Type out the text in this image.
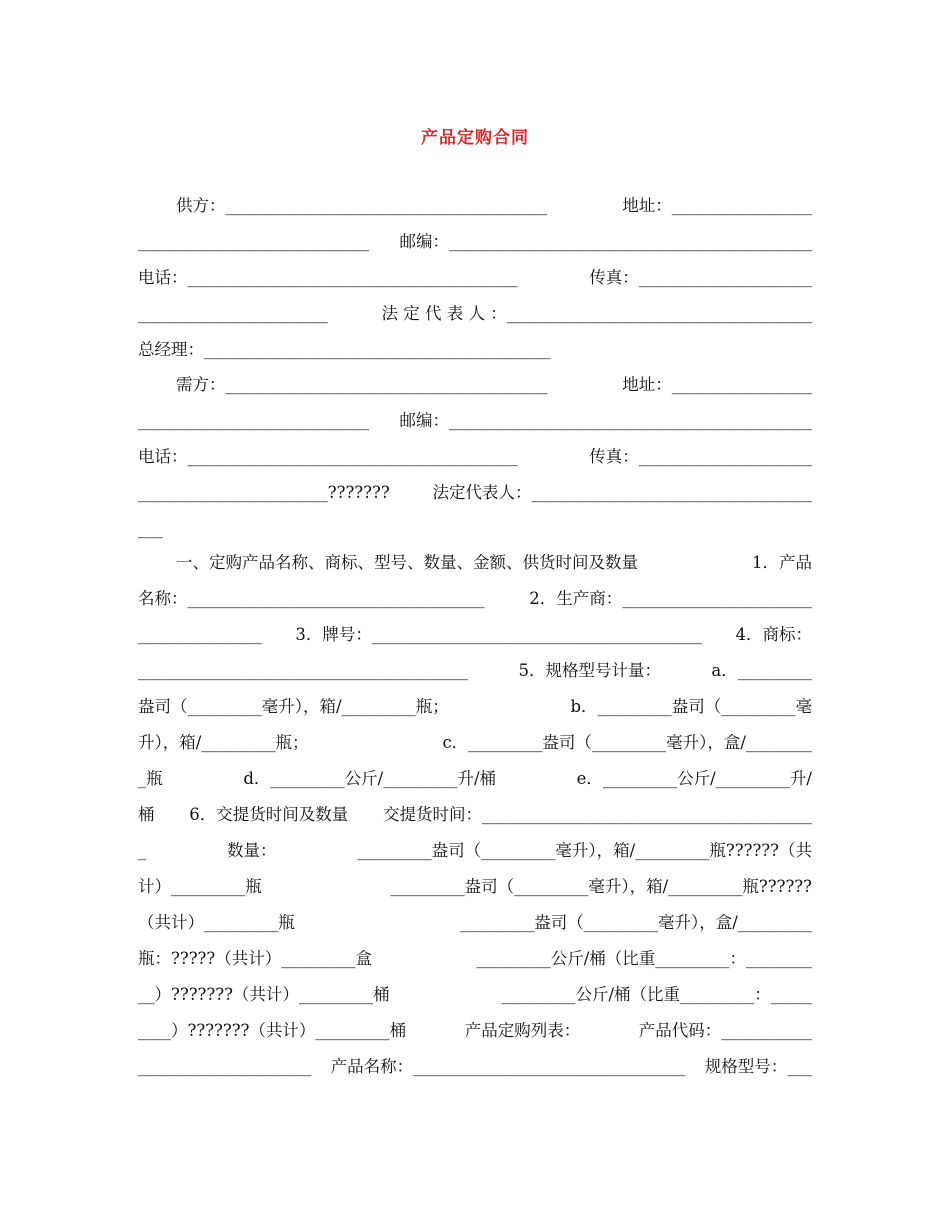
产品定购合同
供方：_______________________________________	地址：_________________
____________________________ 邮编：____________________________________________
电话：________________________________________	传真：_____________________
_______________________	法 定 代 表 人 ：_____________________________________
总经理：__________________________________________
需方：_______________________________________	地址：_________________
____________________________ 邮编：____________________________________________
电话：________________________________________	传真：_____________________
_______________________???????	法定代表人：__________________________________
___
一、定购产品名称、商标、型号、数量、金额、供货时间及数量	1．产品
名称：____________________________________	2．生产商：_______________________
_______________ 3．牌号：________________________________________ 4．商标：
________________________________________	5．规格型号计量：	a．_________
盎司（_________毫升），箱/_________瓶；	b．_________盎司（_________毫
升），箱/_________瓶；	c．_________盎司（_________毫升），盒/________
_瓶	d．_________公斤/_________升/桶	e．_________公斤/_________升/
桶 6．交提货时间及数量 交提货时间：________________________________________
_	数量：	_________盎司（_________毫升），箱/_________瓶??????（共
计）_________瓶	_________盎司（_________毫升），箱/_________瓶??????
（共计）_________瓶	_________盎司（_________毫升），盒/_________
瓶：?????（共计）_________盒	_________公斤/桶（比重_________：________
__）???????（共计）_________桶	_________公斤/桶（比重_________：_____
____）???????（共计）_________桶	产品定购列表：	产品代码：___________
_____________________ 产品名称：_________________________________ 规格型号：___
